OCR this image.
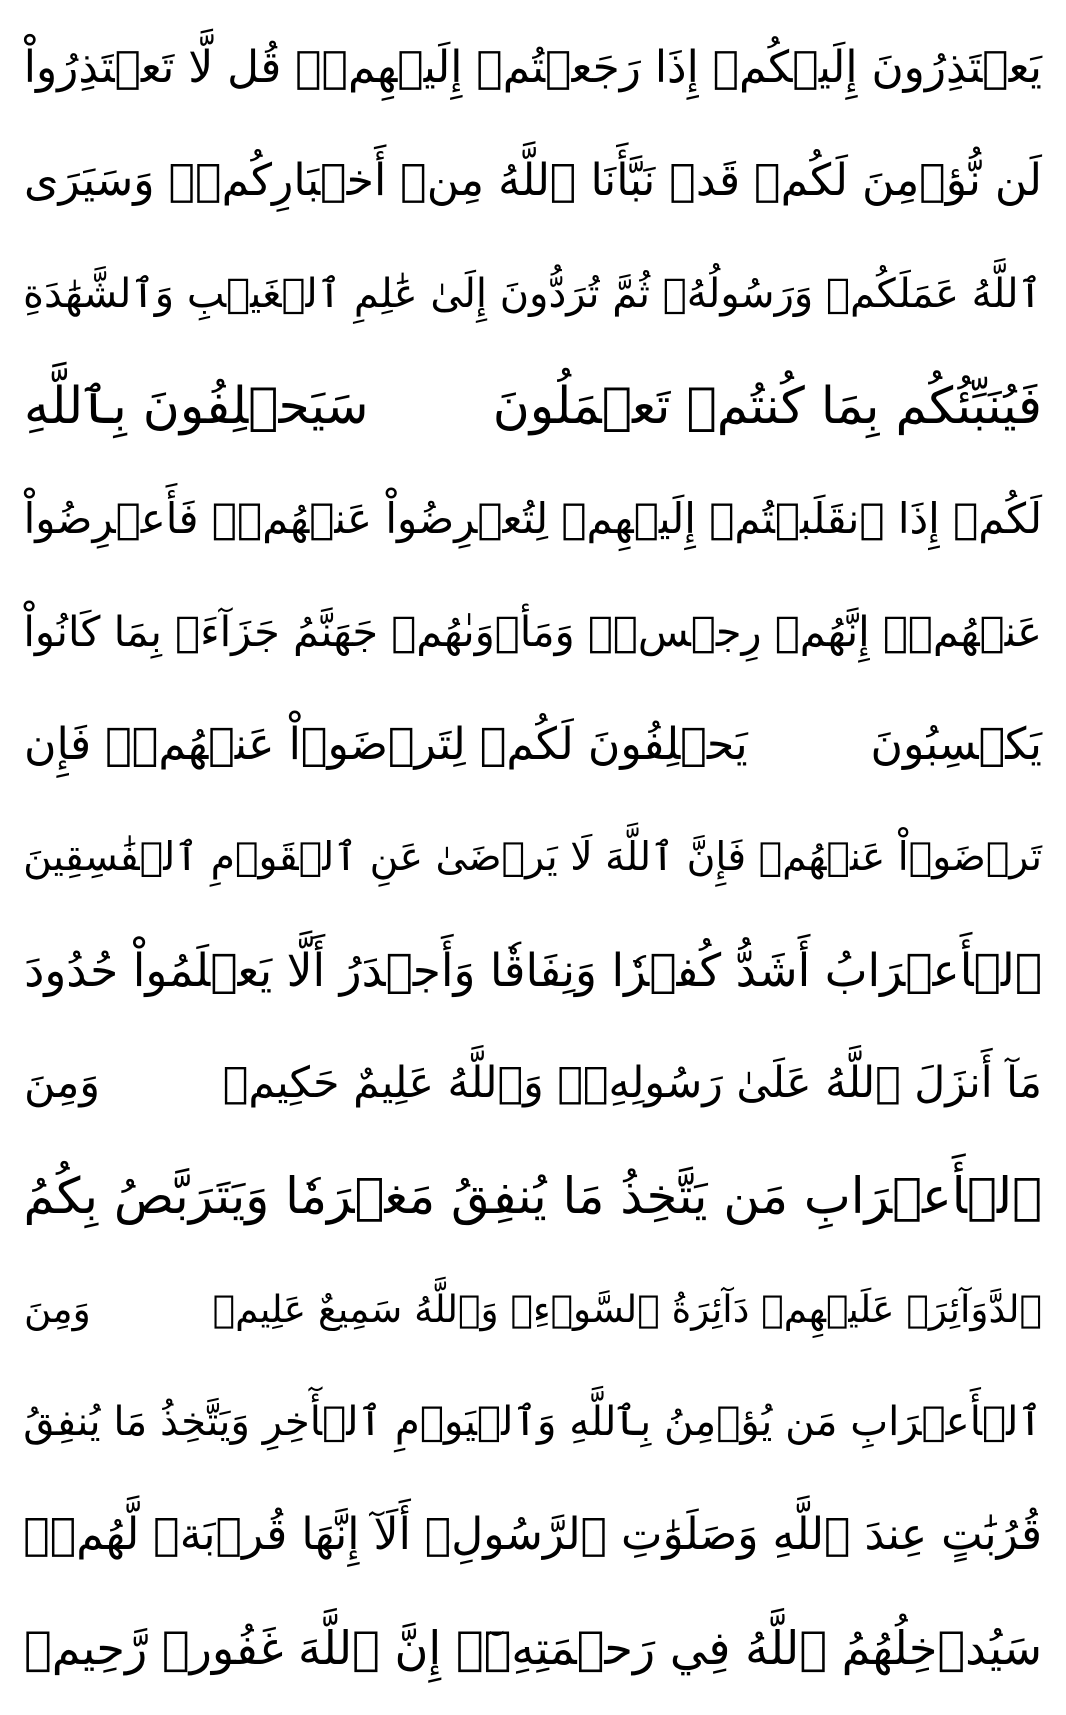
يَعۡتَذِرُونَ إِلَيۡكُمۡ إِذَا رَجَعۡتُمۡ إِلَيۡهِمۡۚ قُل لَّا تَعۡتَذِرُواْ
لَن نُّؤۡمِنَ لَكُمۡ قَدۡ نَبَّأَنَا ٱللَّهُ مِنۡ أَخۡبَارِكُمۡۚ وَسَيَرَى
ٱللَّهُ عَمَلَكُمۡ وَرَسُولُهُۥ ثُمَّ تُرَدُّونَ إِلَىٰ عَٰلِمِ ٱلۡغَيۡبِ وَٱلشَّهَٰدَةِ
فَيُنَبِّئُكُم بِمَا كُنتُمۡ تَعۡمَلُونَ
سَيَحۡلِفُونَ بِٱللَّهِ
لَكُمۡ إِذَا ٱنقَلَبۡتُمۡ إِلَيۡهِمۡ لِتُعۡرِضُواْ عَنۡهُمۡۖ فَأَعۡرِضُواْ
عَنۡهُمۡۖ إِنَّهُمۡ رِجۡسٞۖ وَمَأۡوَىٰهُمۡ جَهَنَّمُ جَزَآءَۢ بِمَا كَانُواْ
يَكۡسِبُونَ
يَحۡلِفُونَ لَكُمۡ لِتَرۡضَوۡاْ عَنۡهُمۡۖ فَإِن
تَرۡضَوۡاْ عَنۡهُمۡ فَإِنَّ ٱللَّهَ لَا يَرۡضَىٰ عَنِ ٱلۡقَوۡمِ ٱلۡفَٰسِقِينَ
ٱلۡأَعۡرَابُ أَشَدُّ كُفۡرٗا وَنِفَاقٗا وَأَجۡدَرُ أَلَّا يَعۡلَمُواْ حُدُودَ
مَآ أَنزَلَ ٱللَّهُ عَلَىٰ رَسُولِهِۦۗ وَٱللَّهُ عَلِيمٌ حَكِيمٞ
وَمِنَ
ٱلۡأَعۡرَابِ مَن يَتَّخِذُ مَا يُنفِقُ مَغۡرَمٗا وَيَتَرَبَّصُ بِكُمُ
ٱلدَّوَآئِرَۚ عَلَيۡهِمۡ دَآئِرَةُ ٱلسَّوۡءِۗ وَٱللَّهُ سَمِيعٌ عَلِيمٞ
وَمِنَ
ٱلۡأَعۡرَابِ مَن يُؤۡمِنُ بِٱللَّهِ وَٱلۡيَوۡمِ ٱلۡأٓخِرِ وَيَتَّخِذُ مَا يُنفِقُ
قُرُبَٰتٍ عِندَ ٱللَّهِ وَصَلَوَٰتِ ٱلرَّسُولِۚ أَلَآ إِنَّهَا قُرۡبَةٞ لَّهُمۡۚ
سَيُدۡخِلُهُمُ ٱللَّهُ فِي رَحۡمَتِهِۦٓۚ إِنَّ ٱللَّهَ غَفُورٞ رَّحِيمٞ
